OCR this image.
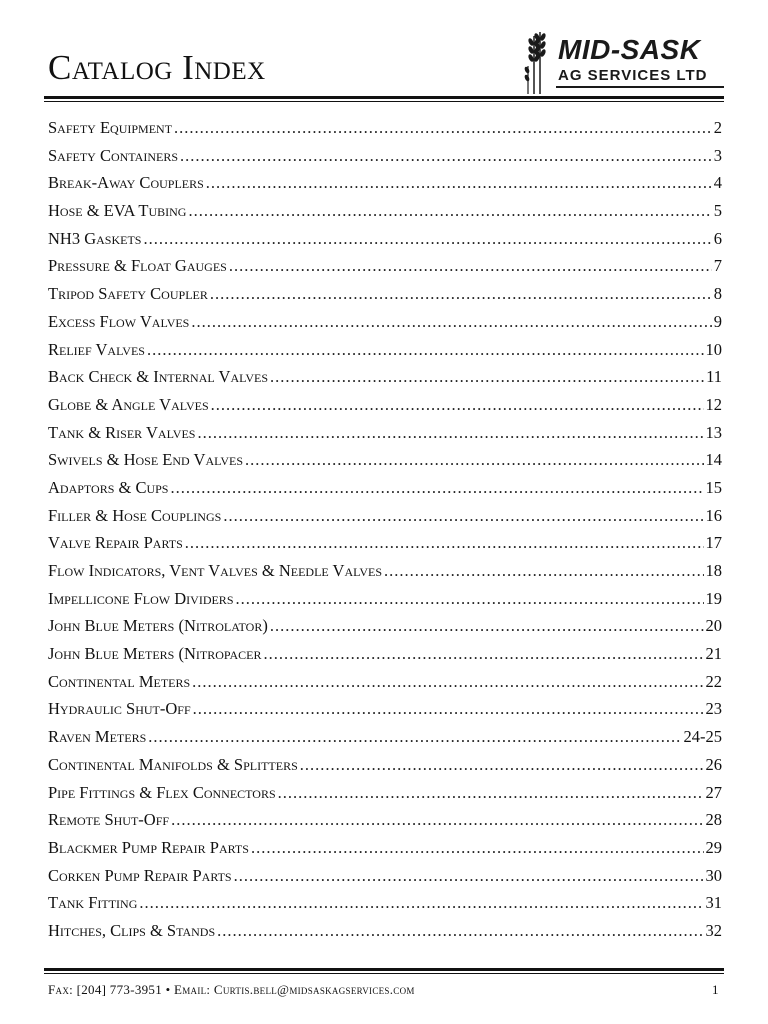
Catalog Index	MID-SASK
AG SERVICES LTD
Safety Equipment .....	2
Safety Containers .....	3
Break-Away Couplers .....	4
Hose & EVA Tubing .....	5
NH3 Gaskets .....	6
Pressure & Float Gauges .....	7
Tripod Safety Coupler .....	8
Excess Flow Valves .....	9
Relief Valves .....	10
Back Check & Internal Valves .....	11
Globe & Angle Valves .....	12
Tank & Riser Valves .....	13
Swivels & Hose End Valves .....	14
Adaptors & Cups .....	15
Filler & Hose Couplings .....	16
Valve Repair Parts .....	17
Flow Indicators, Vent Valves & Needle Valves .....	18
Impellicone Flow Dividers .....	19
John Blue Meters (Nitrolator) .....	20
John Blue Meters (Nitropacer .....	21
Continental Meters .....	22
Hydraulic Shut-Off .....	23
Raven Meters .....	24-25
Continental Manifolds & Splitters .....	26
Pipe Fittings & Flex Connectors .....	27
Remote Shut-Off .....	28
Blackmer Pump Repair Parts .....	29
Corken Pump Repair Parts .....	30
Tank Fitting .....	31
Hitches, Clips & Stands .....	32
Fax: [204] 773-3951 • Email: Curtis.bell@midsaskagservices.com	1
